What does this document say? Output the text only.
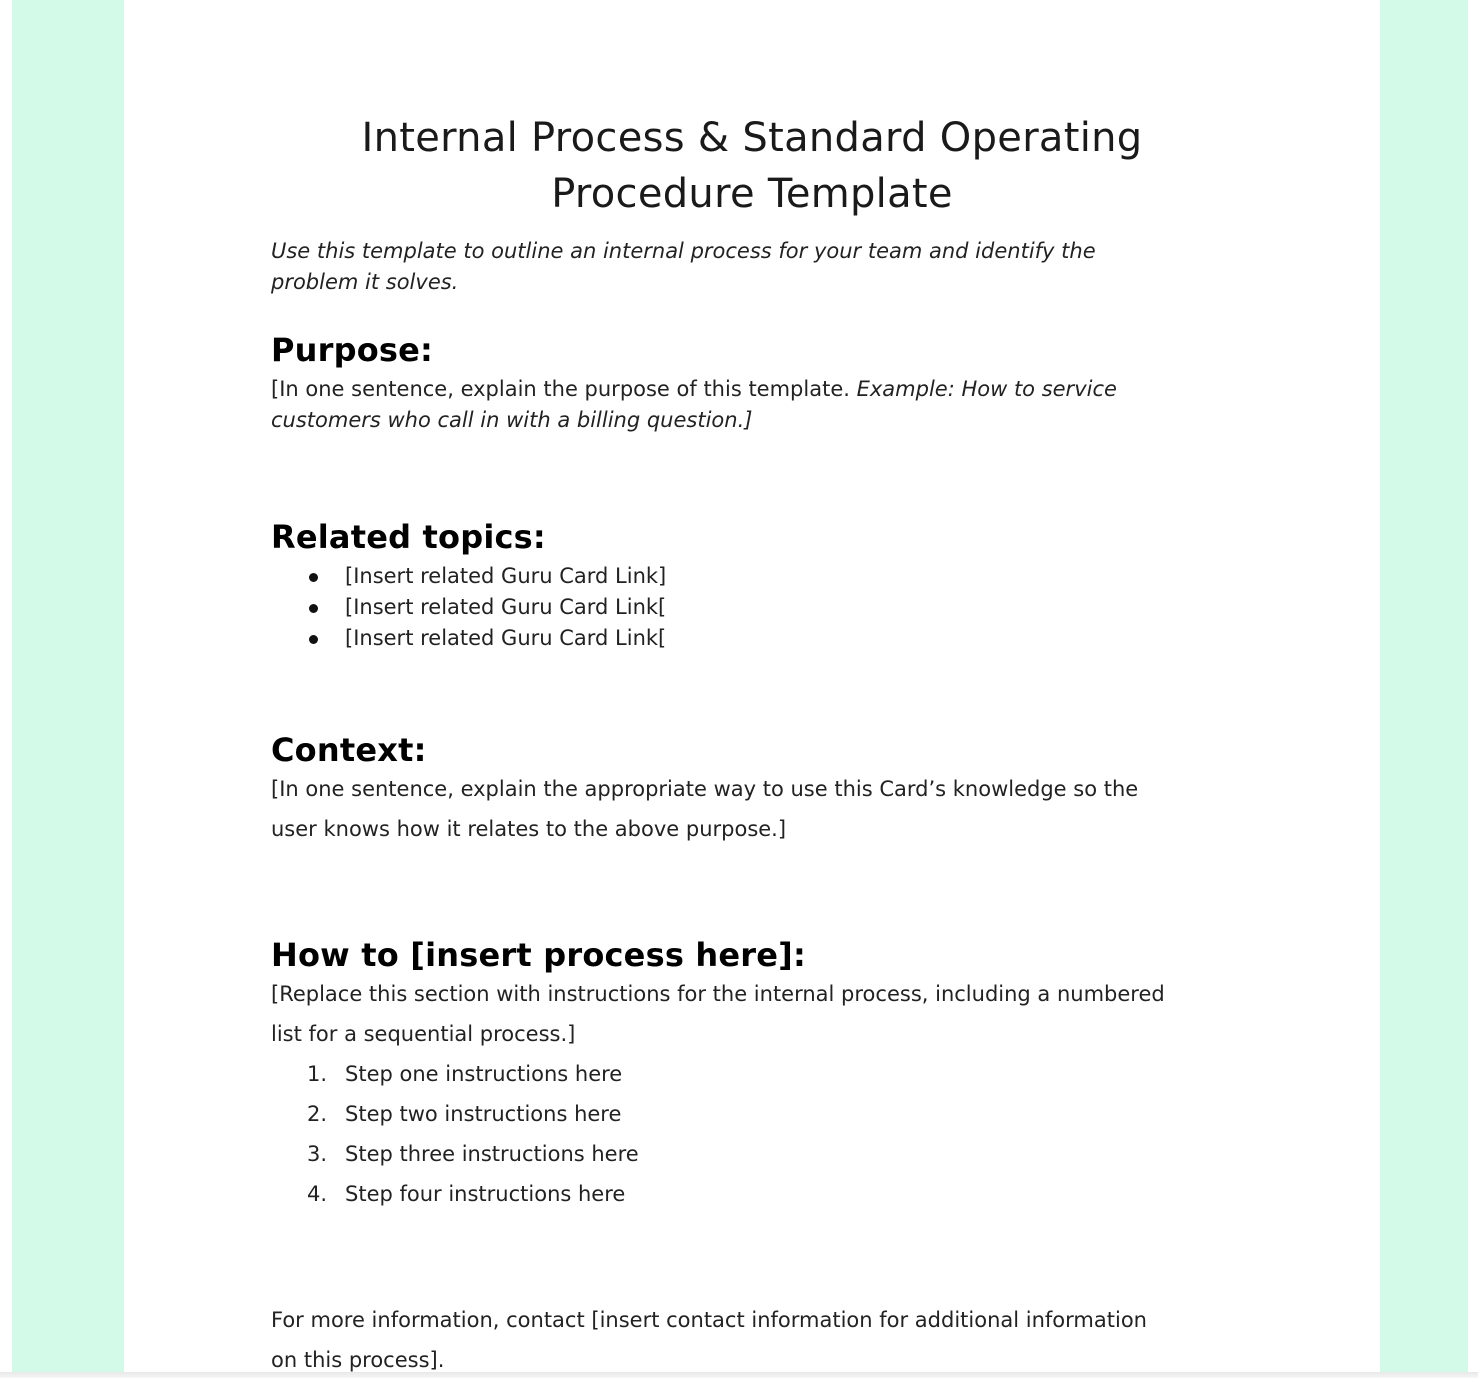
Internal Process & Standard Operating
Procedure Template
Use this template to outline an internal process for your team and identify the
problem it solves.
Purpose:
[In one sentence, explain the purpose of this template. Example: How to service
customers who call in with a billing question.]
Related topics:
[Insert related Guru Card Link]
[Insert related Guru Card Link[
[Insert related Guru Card Link[
Context:
[In one sentence, explain the appropriate way to use this Card’s knowledge so the
user knows how it relates to the above purpose.]
How to [insert process here]:
[Replace this section with instructions for the internal process, including a numbered
list for a sequential process.]
1. Step one instructions here
2. Step two instructions here
3. Step three instructions here
4. Step four instructions here
For more information, contact [insert contact information for additional information
on this process].
